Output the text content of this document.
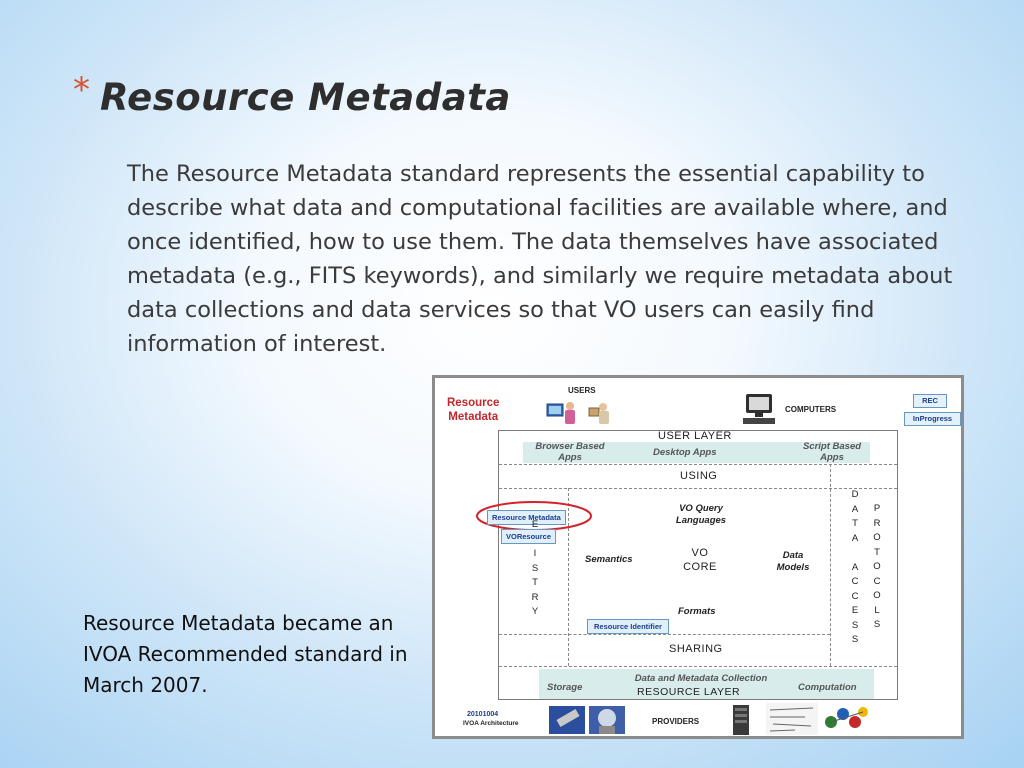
* Resource Metadata

The Resource Metadata standard represents the essential capability to describe what data and computational facilities are available where, and once identified, how to use them. The data themselves have associated metadata (e.g., FITS keywords), and similarly we require metadata about data collections and data services so that VO users can easily find information of interest.

Resource Metadata became an IVOA Recommended standard in March 2007.

Resource
Metadata
USERS
COMPUTERS
REC
InProgress
USER LAYER
Browser Based
Apps	Desktop Apps
Script Based
Apps
USING
Resource Metadata
VOResource
E

I
S
T
R
Y
VO Query
Languages
Semantics
VO
CORE
Data
Models
Formats
Resource Identifier
D
A
T
A

A
C
C
E
S
S
P
R
O
T
O
C
O
L
S
SHARING
Storage
Data and Metadata Collection
RESOURCE LAYER	Computation
20101004
IVOA Architecture	PROVIDERS
